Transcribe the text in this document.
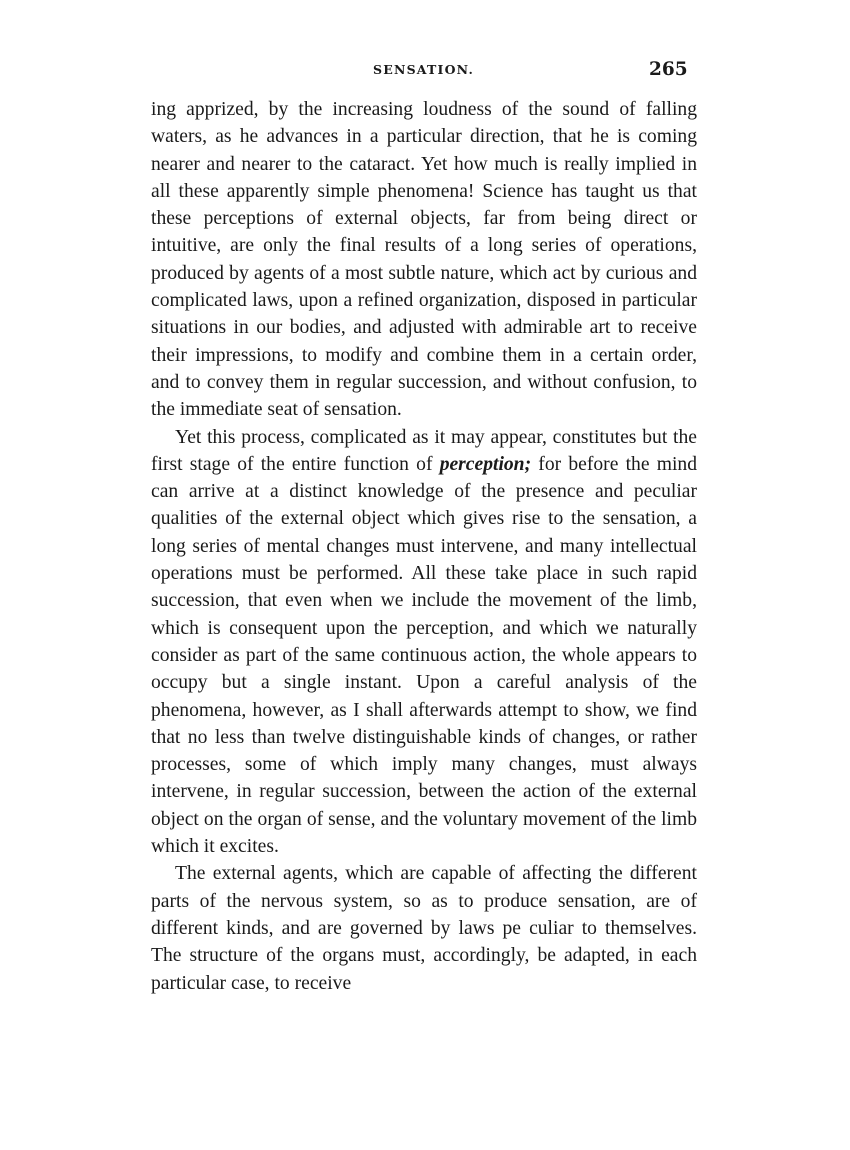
SENSATION.	265

ing apprized, by the increasing loudness of the sound of falling waters, as he advances in a particular direction, that he is coming nearer and nearer to the cataract. Yet how much is really implied in all these apparently simple phenomena! Science has taught us that these perceptions of external objects, far from being direct or intuitive, are only the final results of a long series of operations, produced by agents of a most subtle nature, which act by curious and complicated laws, upon a refined organization, disposed in particular situations in our bodies, and adjusted with admirable art to receive their impressions, to modify and combine them in a certain order, and to convey them in regular succession, and without confusion, to the immediate seat of sensation.

Yet this process, complicated as it may appear, constitutes but the first stage of the entire function of perception; for before the mind can arrive at a distinct knowledge of the presence and peculiar qualities of the external object which gives rise to the sensation, a long series of mental changes must intervene, and many intellectual operations must be performed. All these take place in such rapid succession, that even when we include the movement of the limb, which is consequent upon the perception, and which we naturally consider as part of the same continuous action, the whole appears to occupy but a single instant. Upon a careful analysis of the phenomena, however, as I shall afterwards attempt to show, we find that no less than twelve distinguishable kinds of changes, or rather processes, some of which imply many changes, must always intervene, in regular succession, between the action of the external object on the organ of sense, and the voluntary movement of the limb which it excites.

The external agents, which are capable of affecting the different parts of the nervous system, so as to produce sensation, are of different kinds, and are governed by laws pe culiar to themselves. The structure of the organs must, accordingly, be adapted, in each particular case, to receive
